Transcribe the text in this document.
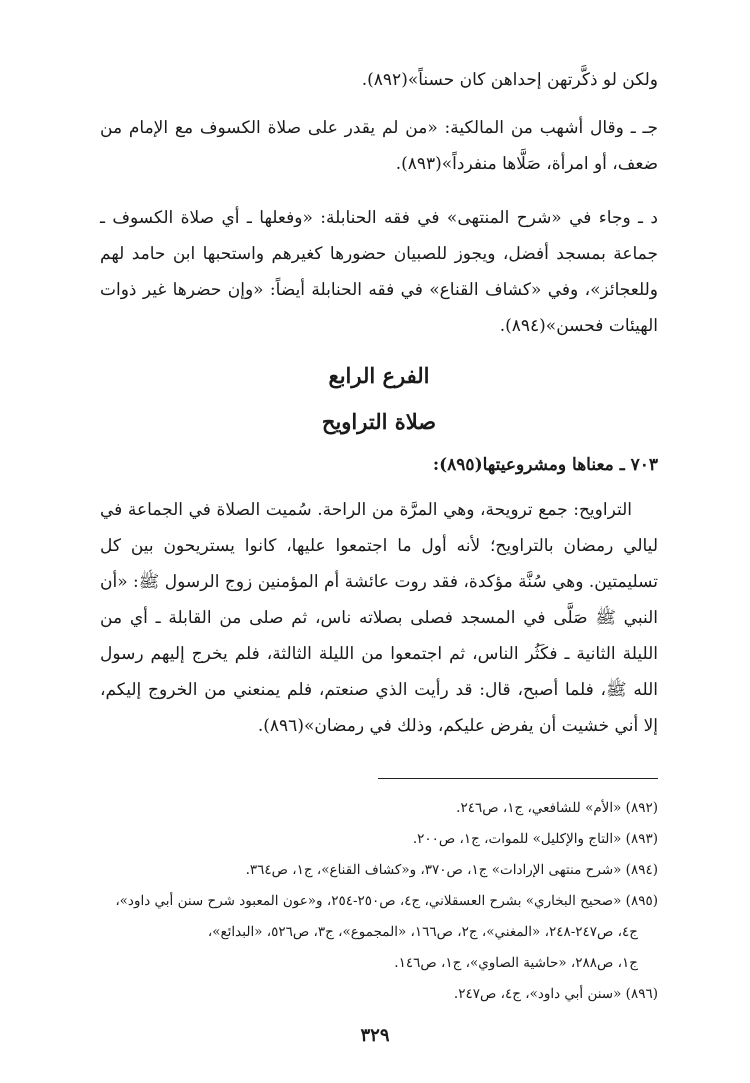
ولكن لو ذكَّرتهن إحداهن كان حسناً»(٨٩٢).

جـ ـ وقال أشهب من المالكية: «من لم يقدر على صلاة الكسوف مع الإمام من ضعف، أو امرأة، صَلَّاها منفرداً»(٨٩٣).

د ـ وجاء في «شرح المنتهى» في فقه الحنابلة: «وفعلها ـ أي صلاة الكسوف ـ جماعة بمسجد أفضل، ويجوز للصبيان حضورها كغيرهم واستحبها ابن حامد لهم وللعجائز»، وفي «كشاف القناع» في فقه الحنابلة أيضاً: «وإن حضرها غير ذوات الهيئات فحسن»(٨٩٤).

الفرع الرابع
صلاة التراويح

٧٠٣ ـ معناها ومشروعيتها(٨٩٥):

التراويح: جمع ترويحة، وهي المرَّة من الراحة. سُميت الصلاة في الجماعة في ليالي رمضان بالتراويح؛ لأنه أول ما اجتمعوا عليها، كانوا يستريحون بين كل تسليمتين. وهي سُنَّة مؤكدة، فقد روت عائشة أم المؤمنين زوج الرسول ﷺ: «أن النبي ﷺ صَلَّى في المسجد فصلى بصلاته ناس، ثم صلى من القابلة ـ أي من الليلة الثانية ـ فكَثُر الناس، ثم اجتمعوا من الليلة الثالثة، فلم يخرج إليهم رسول الله ﷺ، فلما أصبح، قال: قد رأيت الذي صنعتم، فلم يمنعني من الخروج إليكم، إلا أني خشيت أن يفرض عليكم، وذلك في رمضان»(٨٩٦).

(٨٩٢) «الأم» للشافعي، ج١، ص٢٤٦.

(٨٩٣) «التاج والإكليل» للموات، ج١، ص٢٠٠.

(٨٩٤) «شرح منتهى الإرادات» ج١، ص٣٧٠، و«كشاف القناع»، ج١، ص٣٦٤.

(٨٩٥) «صحيح البخاري» بشرح العسقلاني، ج٤، ص٢٥٠-٢٥٤، و«عون المعبود شرح سنن أبي داود»،

ج٤، ص٢٤٧-٢٤٨، «المغني»، ج٢، ص١٦٦، «المجموع»، ج٣، ص٥٢٦، «البدائع»،

ج١، ص٢٨٨، «حاشية الصاوي»، ج١، ص١٤٦.

(٨٩٦) «سنن أبي داود»، ج٤، ص٢٤٧.

٣٢٩
